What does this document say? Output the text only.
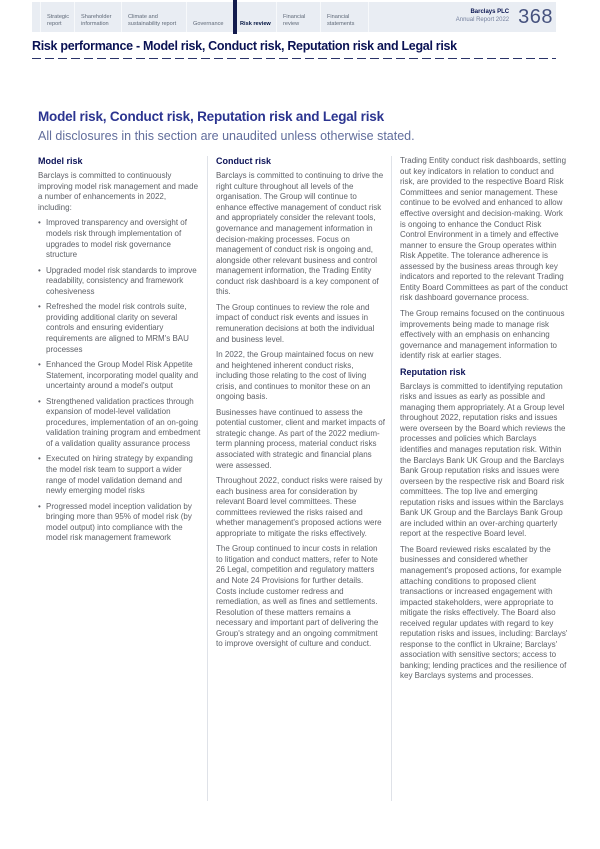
Strategic report
Shareholder information
Climate and sustainability report	Governance	Risk review
Financial review
Financial statements
Barclays PLC
Annual Report 2022 368
Risk performance - Model risk, Conduct risk, Reputation risk and Legal risk
Model risk, Conduct risk, Reputation risk and Legal risk
All disclosures in this section are unaudited unless otherwise stated.
Model risk

Barclays is committed to continuously improving model risk management and made a number of enhancements in 2022, including:

• Improved transparency and oversight of models risk through implementation of upgrades to model risk governance structure
• Upgraded model risk standards to improve readability, consistency and framework cohesiveness
• Refreshed the model risk controls suite, providing additional clarity on several controls and ensuring evidentiary requirements are aligned to MRM's BAU processes
• Enhanced the Group Model Risk Appetite Statement, incorporating model quality and uncertainty around a model's output
• Strengthened validation practices through expansion of model-level validation procedures, implementation of an on-going validation training program and embedment of a validation quality assurance process
• Executed on hiring strategy by expanding the model risk team to support a wider range of model validation demand and newly emerging model risks
• Progressed model inception validation by bringing more than 95% of model risk (by model output) into compliance with the model risk management framework
Conduct risk

Barclays is committed to continuing to drive the right culture throughout all levels of the organisation. The Group will continue to enhance effective management of conduct risk and appropriately consider the relevant tools, governance and management information in decision-making processes. Focus on management of conduct risk is ongoing and, alongside other relevant business and control management information, the Trading Entity conduct risk dashboard is a key component of this.

The Group continues to review the role and impact of conduct risk events and issues in remuneration decisions at both the individual and business level.

In 2022, the Group maintained focus on new and heightened inherent conduct risks, including those relating to the cost of living crisis, and continues to monitor these on an ongoing basis.

Businesses have continued to assess the potential customer, client and market impacts of strategic change. As part of the 2022 medium-term planning process, material conduct risks associated with strategic and financial plans were assessed.

Throughout 2022, conduct risks were raised by each business area for consideration by relevant Board level committees. These committees reviewed the risks raised and whether management's proposed actions were appropriate to mitigate the risks effectively.

The Group continued to incur costs in relation to litigation and conduct matters, refer to Note 26 Legal, competition and regulatory matters and Note 24 Provisions for further details. Costs include customer redress and remediation, as well as fines and settlements. Resolution of these matters remains a necessary and important part of delivering the Group's strategy and an ongoing commitment to improve oversight of culture and conduct.

Trading Entity conduct risk dashboards, setting out key indicators in relation to conduct and risk, are provided to the respective Board Risk Committees and senior management. These continue to be evolved and enhanced to allow effective oversight and decision-making. Work is ongoing to enhance the Conduct Risk Control Environment in a timely and effective manner to ensure the Group operates within Risk Appetite. The tolerance adherence is assessed by the business areas through key indicators and reported to the relevant Trading Entity Board Committees as part of the conduct risk dashboard governance process.

The Group remains focused on the continuous improvements being made to manage risk effectively with an emphasis on enhancing governance and management information to identify risk at earlier stages.

Reputation risk

Barclays is committed to identifying reputation risks and issues as early as possible and managing them appropriately. At a Group level throughout 2022, reputation risks and issues were overseen by the Board which reviews the processes and policies which Barclays identifies and manages reputation risk. Within the Barclays Bank UK Group and the Barclays Bank Group reputation risks and issues were overseen by the respective risk and Board risk committees. The top live and emerging reputation risks and issues within the Barclays Bank UK Group and the Barclays Bank Group are included within an over-arching quarterly report at the respective Board level.

The Board reviewed risks escalated by the businesses and considered whether management's proposed actions, for example attaching conditions to proposed client transactions or increased engagement with impacted stakeholders, were appropriate to mitigate the risks effectively. The Board also received regular updates with regard to key reputation risks and issues, including: Barclays' response to the conflict in Ukraine; Barclays' association with sensitive sectors; access to banking; lending practices and the resilience of key Barclays systems and processes.
